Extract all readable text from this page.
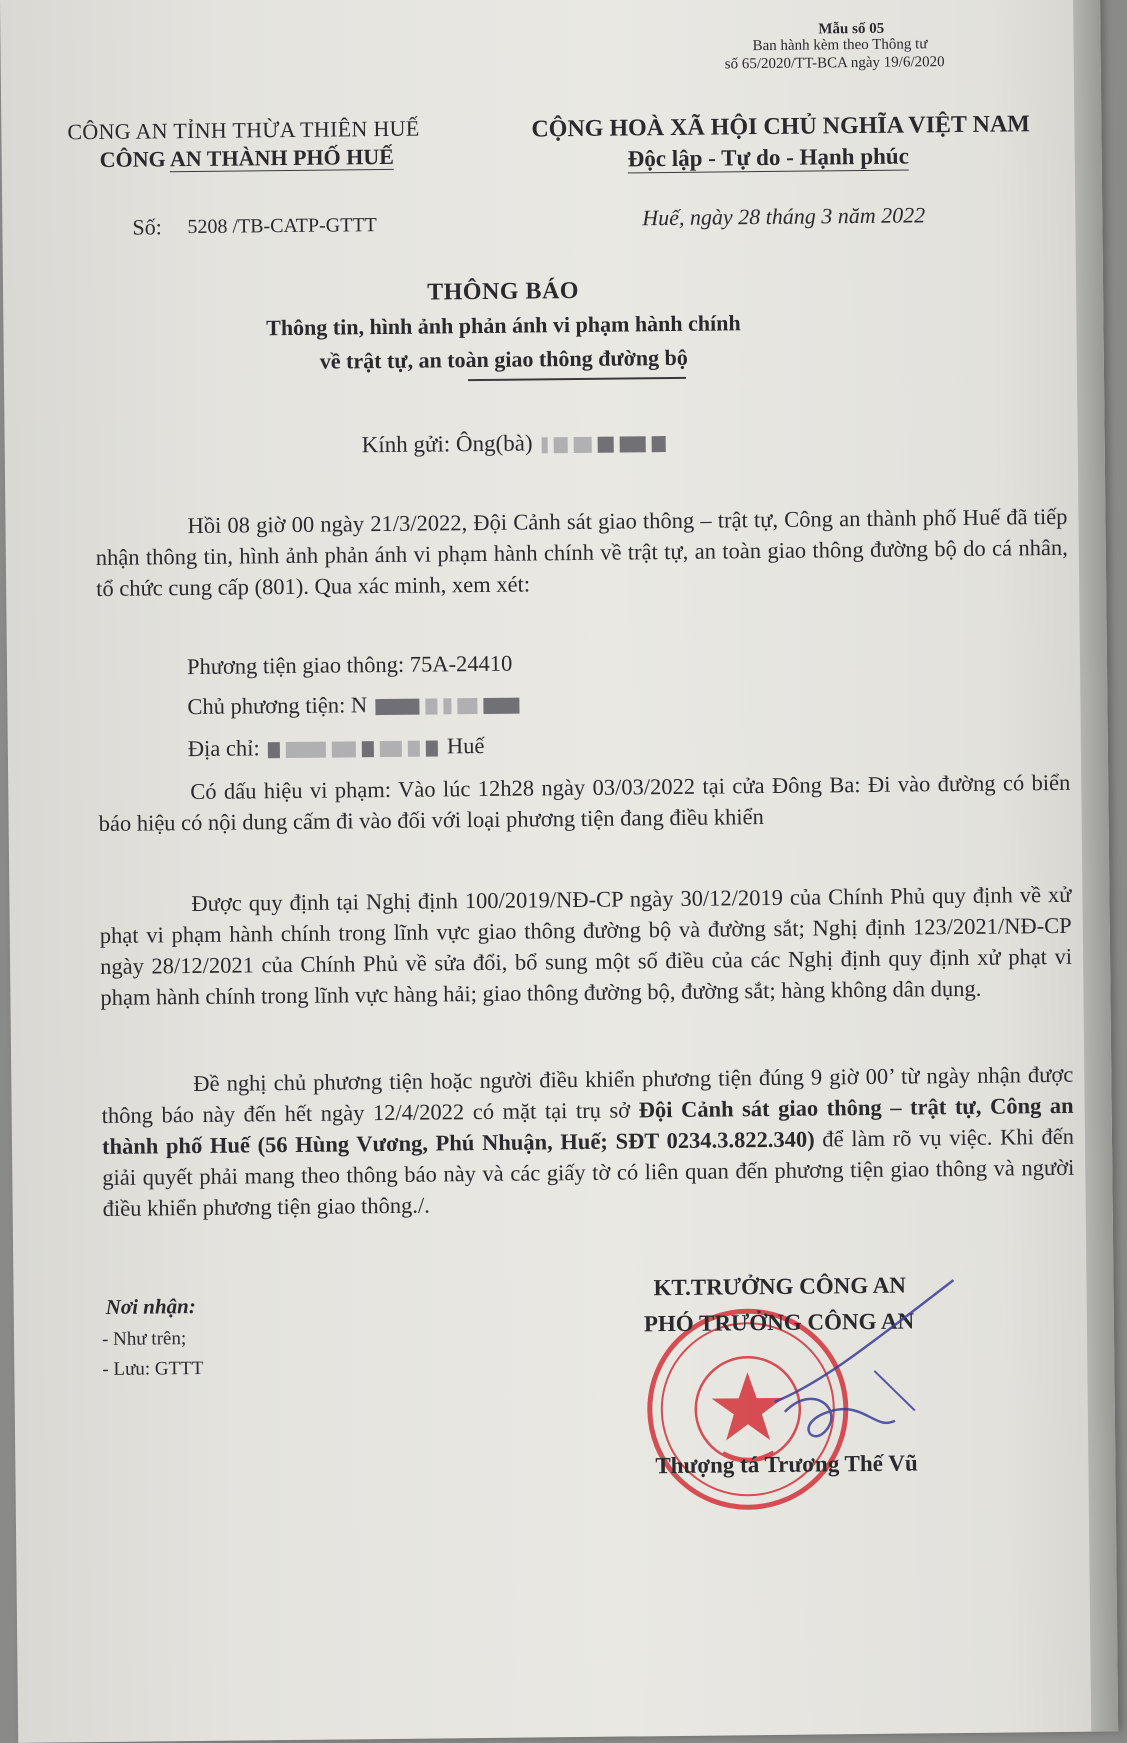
Mẫu số 05
Ban hành kèm theo Thông tư
số 65/2020/TT-BCA ngày 19/6/2020
CÔNG AN TỈNH THỪA THIÊN HUẾ
CÔNG AN THÀNH PHỐ HUẾ
CỘNG HOÀ XÃ HỘI CHỦ NGHĨA VIỆT NAM
Độc lập - Tự do - Hạnh phúc
Số: 5208 /TB-CATP-GTTT	Huế, ngày 28 tháng 3 năm 2022
THÔNG BÁO
Thông tin, hình ảnh phản ánh vi phạm hành chính
về trật tự, an toàn giao thông đường bộ
Kính gửi: Ông(bà)
Hồi 08 giờ 00 ngày 21/3/2022, Đội Cảnh sát giao thông – trật tự, Công an thành phố Huế đã tiếp nhận thông tin, hình ảnh phản ánh vi phạm hành chính về trật tự, an toàn giao thông đường bộ do cá nhân, tổ chức cung cấp (801). Qua xác minh, xem xét:
Phương tiện giao thông: 75A-24410
Chủ phương tiện: N
Địa chỉ:	Huế
Có dấu hiệu vi phạm: Vào lúc 12h28 ngày 03/03/2022 tại cửa Đông Ba: Đi vào đường có biển báo hiệu có nội dung cấm đi vào đối với loại phương tiện đang điều khiển
Được quy định tại Nghị định 100/2019/NĐ-CP ngày 30/12/2019 của Chính Phủ quy định về xử phạt vi phạm hành chính trong lĩnh vực giao thông đường bộ và đường sắt; Nghị định 123/2021/NĐ-CP ngày 28/12/2021 của Chính Phủ về sửa đổi, bổ sung một số điều của các Nghị định quy định xử phạt vi phạm hành chính trong lĩnh vực hàng hải; giao thông đường bộ, đường sắt; hàng không dân dụng.
Đề nghị chủ phương tiện hoặc người điều khiển phương tiện đúng 9 giờ 00’ từ ngày nhận được thông báo này đến hết ngày 12/4/2022 có mặt tại trụ sở Đội Cảnh sát giao thông – trật tự, Công an thành phố Huế (56 Hùng Vương, Phú Nhuận, Huế; SĐT 0234.3.822.340) để làm rõ vụ việc. Khi đến giải quyết phải mang theo thông báo này và các giấy tờ có liên quan đến phương tiện giao thông và người điều khiển phương tiện giao thông./.
Nơi nhận:
- Như trên;
- Lưu: GTTT
KT.TRƯỞNG CÔNG AN
PHÓ TRƯỞNG CÔNG AN
Thượng tá Trương Thế Vũ
